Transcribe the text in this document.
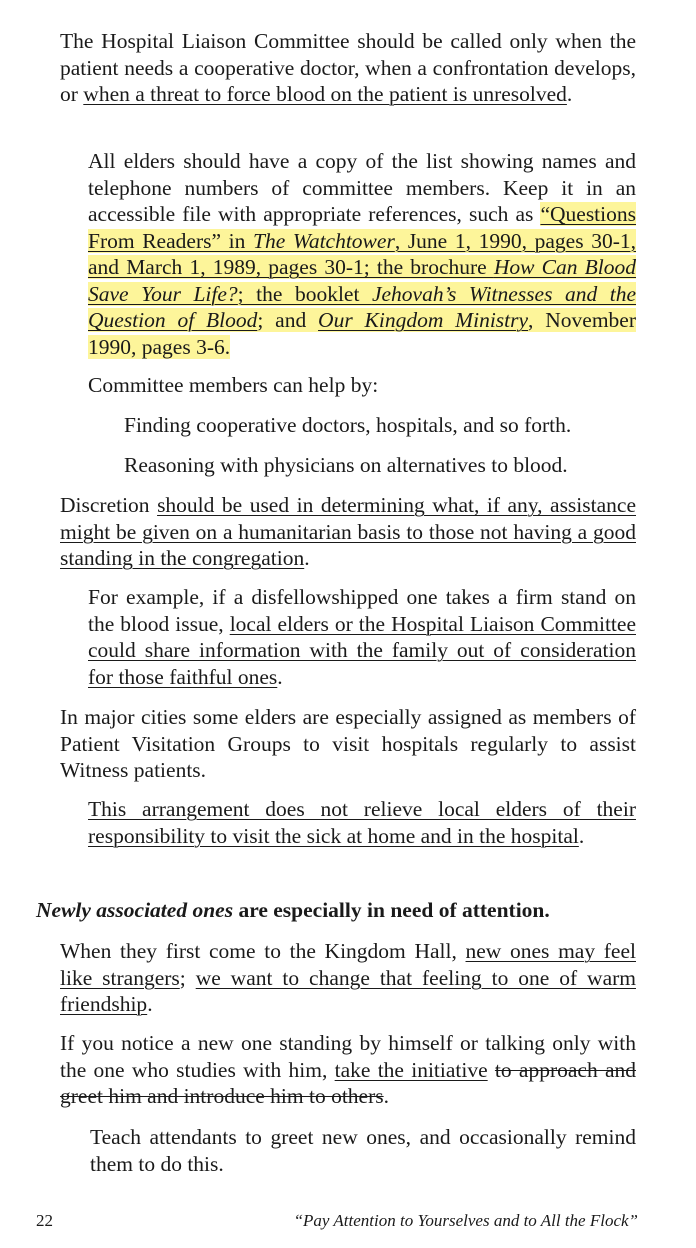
The Hospital Liaison Committee should be called only when the patient needs a cooperative doctor, when a confrontation develops, or when a threat to force blood on the patient is unresolved.

All elders should have a copy of the list showing names and telephone numbers of committee members. Keep it in an accessible file with appropriate references, such as “Questions From Readers” in The Watchtower, June 1, 1990, pages 30-1, and March 1, 1989, pages 30-1; the brochure How Can Blood Save Your Life?; the booklet Jehovah’s Witnesses and the Question of Blood; and Our Kingdom Ministry, November 1990, pages 3-6.

Committee members can help by:

Finding cooperative doctors, hospitals, and so forth.

Reasoning with physicians on alternatives to blood.

Discretion should be used in determining what, if any, assistance might be given on a humanitarian basis to those not having a good standing in the congregation.

For example, if a disfellowshipped one takes a firm stand on the blood issue, local elders or the Hospital Liaison Committee could share information with the family out of consideration for those faithful ones.

In major cities some elders are especially assigned as members of Patient Visitation Groups to visit hospitals regularly to assist Witness patients.

This arrangement does not relieve local elders of their responsibility to visit the sick at home and in the hospital.

Newly associated ones are especially in need of attention.

When they first come to the Kingdom Hall, new ones may feel like strangers; we want to change that feeling to one of warm friendship.

If you notice a new one standing by himself or talking only with the one who studies with him, take the initiative to approach and greet him and introduce him to others.

Teach attendants to greet new ones, and occasionally remind them to do this.

22	“Pay Attention to Yourselves and to All the Flock”
